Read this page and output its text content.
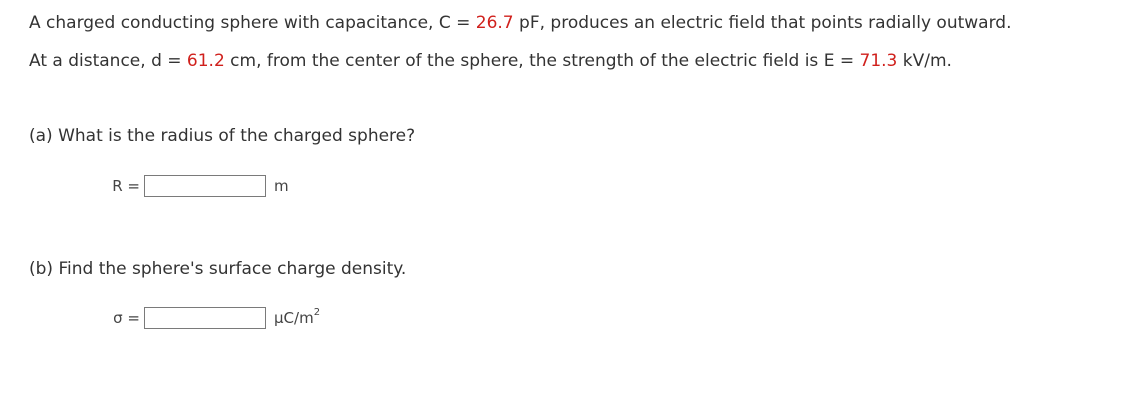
A charged conducting sphere with capacitance, C = 26.7 pF, produces an electric field that points radially outward.
At a distance, d = 61.2 cm, from the center of the sphere, the strength of the electric field is E = 71.3 kV/m.
(a) What is the radius of the charged sphere?
R =	m
(b) Find the sphere's surface charge density.
σ =	$\mu C/m^2$
